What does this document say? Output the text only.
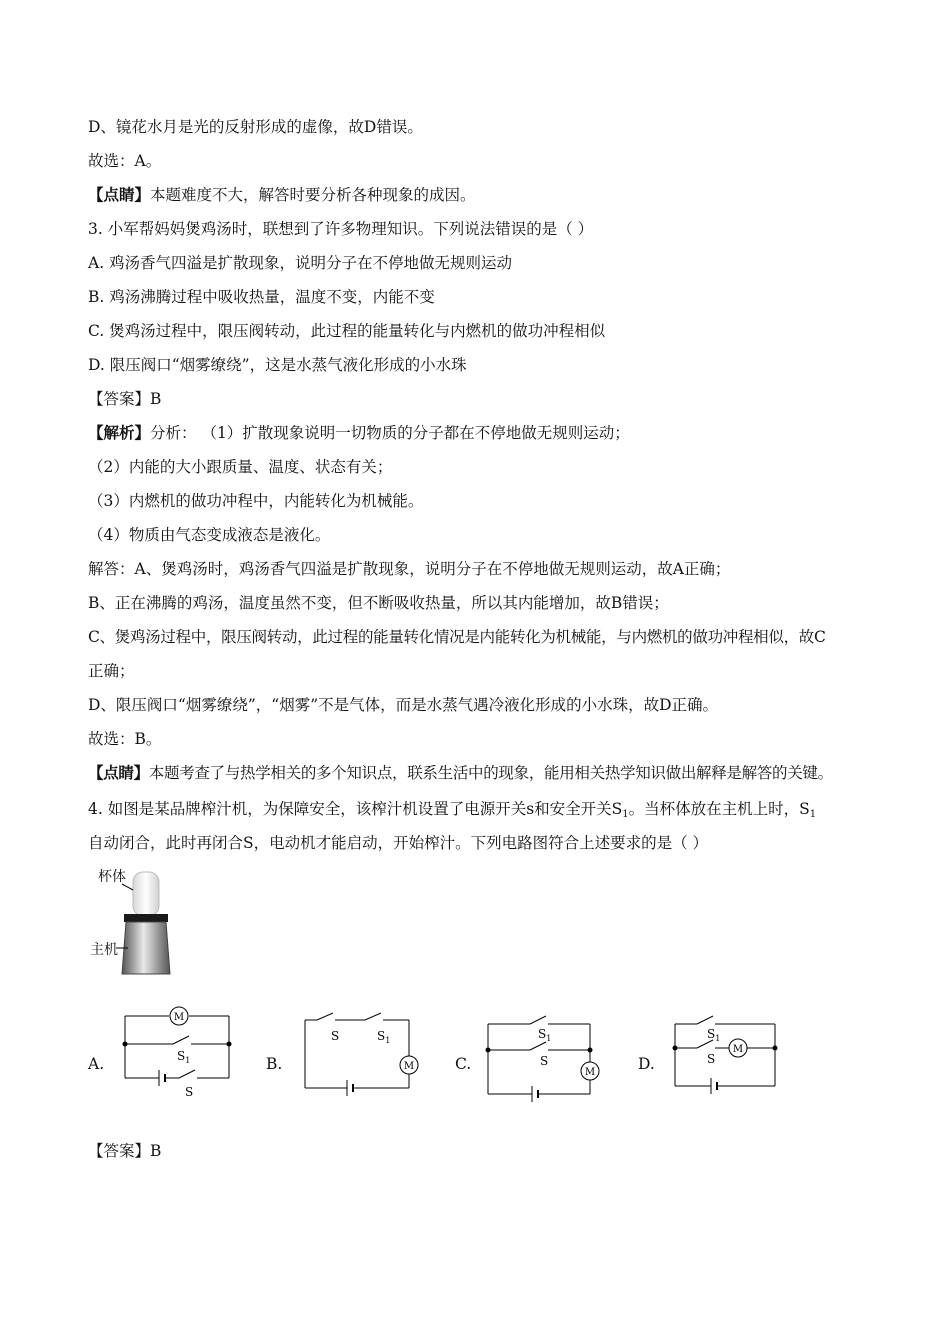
D、镜花水月是光的反射形成的虚像，故D错误。
故选：A。
【点睛】本题难度不大，解答时要分析各种现象的成因。
3. 小军帮妈妈煲鸡汤时，联想到了许多物理知识。下列说法错误的是（ ）
A. 鸡汤香气四溢是扩散现象，说明分子在不停地做无规则运动
B. 鸡汤沸腾过程中吸收热量，温度不变，内能不变
C. 煲鸡汤过程中，限压阀转动，此过程的能量转化与内燃机的做功冲程相似
D. 限压阀口“烟雾缭绕”，这是水蒸气液化形成的小水珠
【答案】B
【解析】分析： （1）扩散现象说明一切物质的分子都在不停地做无规则运动；
（2）内能的大小跟质量、温度、状态有关；
（3）内燃机的做功冲程中，内能转化为机械能。
（4）物质由气态变成液态是液化。
解答：A、煲鸡汤时，鸡汤香气四溢是扩散现象，说明分子在不停地做无规则运动，故A正确；
B、正在沸腾的鸡汤，温度虽然不变，但不断吸收热量，所以其内能增加，故B错误；
C、煲鸡汤过程中，限压阀转动，此过程的能量转化情况是内能转化为机械能，与内燃机的做功冲程相似，故C
正确；
D、限压阀口“烟雾缭绕”，“烟雾”不是气体，而是水蒸气遇冷液化形成的小水珠，故D正确。
故选：B。
【点睛】本题考查了与热学相关的多个知识点，联系生活中的现象，能用相关热学知识做出解释是解答的关键。
4. 如图是某品牌榨汁机，为保障安全，该榨汁机设置了电源开关s和安全开关$S_1$。当杯体放在主机上时，$S_1$
自动闭合，此时再闭合S，电动机才能启动，开始榨汁。下列电路图符合上述要求的是（ ）
杯体
主机
A.	B.	C.	D.
M
$S_1$
S
S	$S_1$
M
$S_1$
S
M
$S_1$
M
S
【答案】B
